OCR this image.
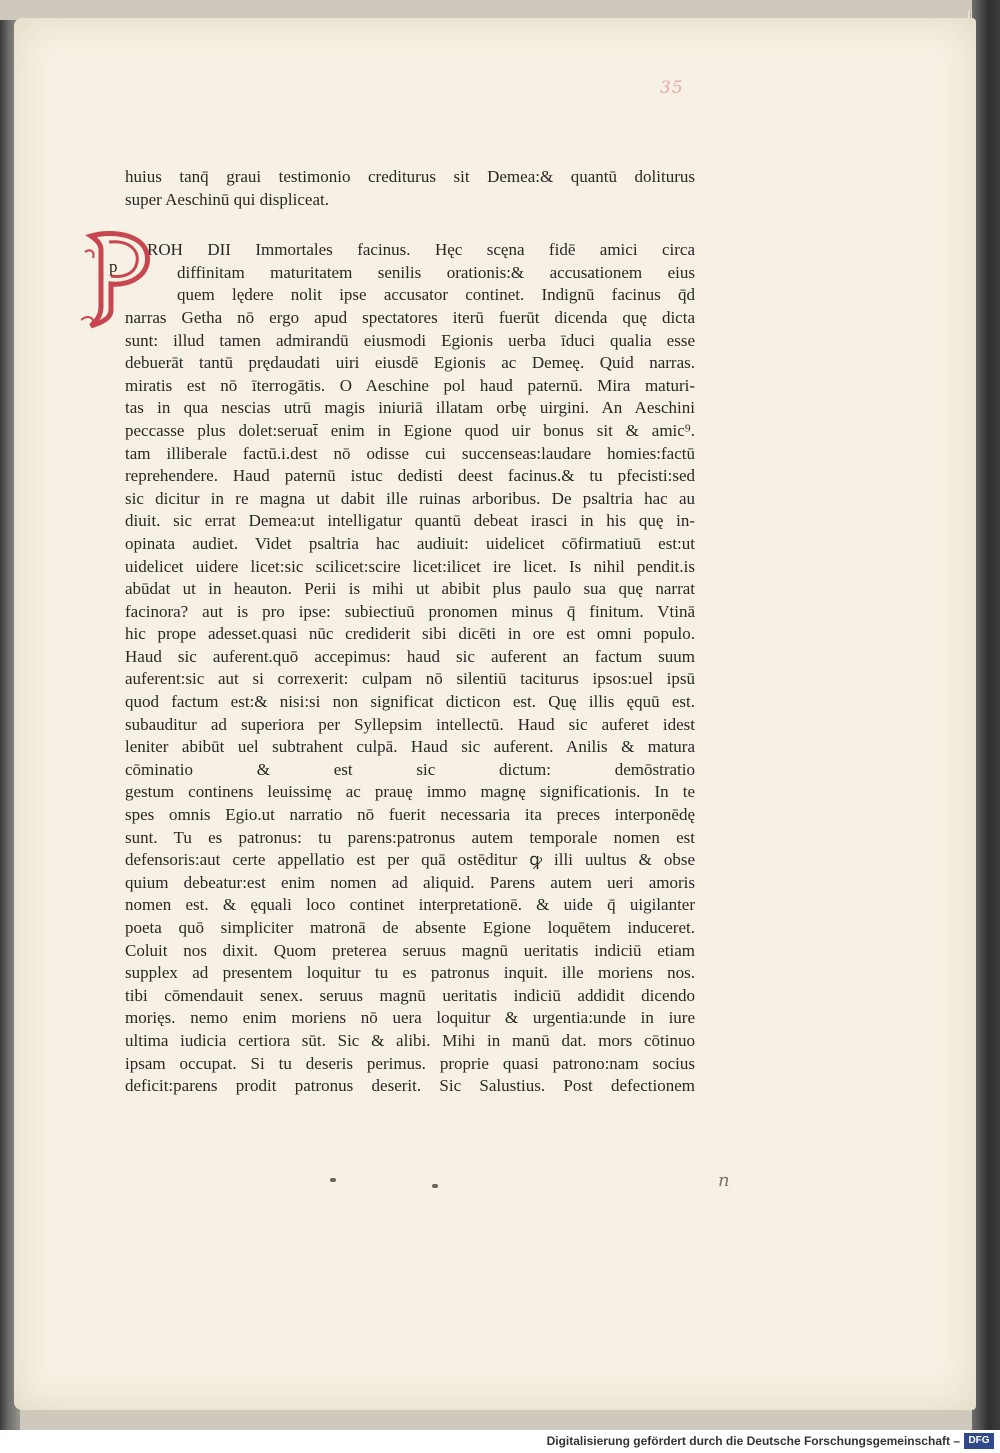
35
huius tanq̄ graui testimonio crediturus sit Demea:& quantū doliturus
super Aeschinū qui displiceat.
p
ROH DII Immortales facinus. Hęc scęna fidē amici circa
diffinitam maturitatem senilis orationis:& accusationem eius
quem lędere nolit ipse accusator continet. Indignū facinus q̄d
narras Getha nō ergo apud spectatores iterū fuerūt dicenda quę dicta
sunt: illud tamen admirandū eiusmodi Egionis uerba īduci qualia esse
debuerāt tantū prędaudati uiri eiusdē Egionis ac Demeę. Quid narras.
miratis est nō īterrogātis. O Aeschine pol haud paternū. Mira maturi-
tas in qua nescias utrū magis iniuriā illatam orbę uirgini. An Aeschini
peccasse plus dolet:seruat̄ enim in Egione quod uir bonus sit & amic⁹.
tam illiberale factū.i.dest nō odisse cui succenseas:laudare homies:factū
reprehendere. Haud paternū istuc dedisti deest facinus.& tu pfecisti:sed
sic dicitur in re magna ut dabit ille ruinas arboribus. De psaltria hac au
diuit. sic errat Demea:ut intelligatur quantū debeat irasci in his quę in-
opinata audiet. Videt psaltria hac audiuit: uidelicet cōfirmatiuū est:ut
uidelicet uidere licet:sic scilicet:scire licet:ilicet ire licet. Is nihil pendit.is
abūdat ut in heauton. Perii is mihi ut abibit plus paulo sua quę narrat
facinora? aut is pro ipse: subiectiuū pronomen minus q̄ finitum. Vtinā
hic prope adesset.quasi nūc crediderit sibi dicēti in ore est omni populo.
Haud sic auferent.quō accepimus: haud sic auferent an factum suum
auferent:sic aut si correxerit: culpam nō silentiū taciturus ipsos:uel ipsū
quod factum est:& nisi:si non significat dicticon est. Quę illis ęquū est.
subauditur ad superiora per Syllepsim intellectū. Haud sic auferet idest
leniter abibūt uel subtrahent culpā. Haud sic auferent. Anilis & matura
cōminatio & est sic dictum: demōstratio
gestum continens leuissimę ac prauę immo magnę significationis. In te
spes omnis Egio.ut narratio nō fuerit necessaria ita preces interponēdę
sunt. Tu es patronus: tu parens:patronus autem temporale nomen est
defensoris:aut certe appellatio est per quā ostēditur ꝙ illi uultus & obse
quium debeatur:est enim nomen ad aliquid. Parens autem ueri amoris
nomen est. & ęquali loco continet interpretationē. & uide q̄ uigilanter
poeta quō simpliciter matronā de absente Egione loquētem induceret.
Coluit nos dixit. Quom preterea seruus magnū ueritatis indiciū etiam
supplex ad presentem loquitur tu es patronus inquit. ille moriens nos.
tibi cōmendauit senex. seruus magnū ueritatis indiciū addidit dicendo
morięs. nemo enim moriens nō uera loquitur & urgentia:unde in iure
ultima iudicia certiora sūt. Sic & alibi. Mihi in manū dat. mors cōtinuo
ipsam occupat. Si tu deseris perimus. proprie quasi patrono:nam socius
deficit:parens prodit patronus deserit. Sic Salustius. Post defectionem
n
Digitalisierung gefördert durch die Deutsche Forschungsgemeinschaft – DFG
